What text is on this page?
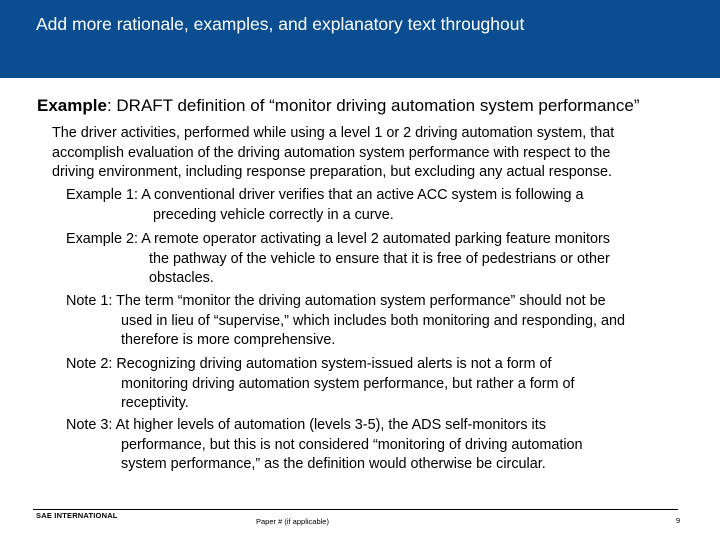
Add more rationale, examples, and explanatory text throughout
Example: DRAFT definition of “monitor driving automation system performance”
The driver activities, performed while using a level 1 or 2 driving automation system, that
accomplish evaluation of the driving automation system performance with respect to the
driving environment, including response preparation, but excluding any actual response.
Example 1: A conventional driver verifies that an active ACC system is following a
preceding vehicle correctly in a curve.
Example 2: A remote operator activating a level 2 automated parking feature monitors
the pathway of the vehicle to ensure that it is free of pedestrians or other
obstacles.
Note 1: The term “monitor the driving automation system performance” should not be
used in lieu of “supervise,” which includes both monitoring and responding, and
therefore is more comprehensive.
Note 2: Recognizing driving automation system-issued alerts is not a form of
monitoring driving automation system performance, but rather a form of
receptivity.
Note 3: At higher levels of automation (levels 3-5), the ADS self-monitors its
performance, but this is not considered “monitoring of driving automation
system performance,” as the definition would otherwise be circular.
SAE INTERNATIONAL
Paper # (if applicable)	9
